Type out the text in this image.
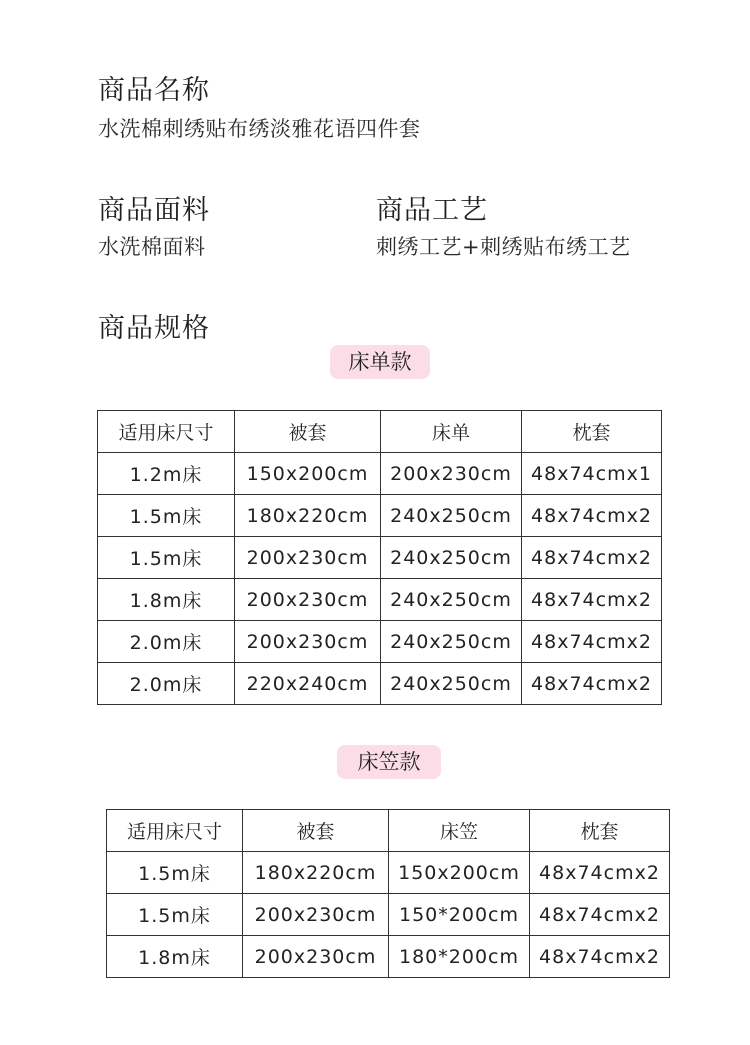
商品名称
水洗棉刺绣贴布绣淡雅花语四件套
商品面料
水洗棉面料
商品工艺
刺绣工艺+刺绣贴布绣工艺
商品规格
床单款
适用床尺寸	被套	床单	枕套
1.2m床	150x200cm	200x230cm	48x74cmx1
1.5m床	180x220cm	240x250cm	48x74cmx2
1.5m床	200x230cm	240x250cm	48x74cmx2
1.8m床	200x230cm	240x250cm	48x74cmx2
2.0m床	200x230cm	240x250cm	48x74cmx2
2.0m床	220x240cm	240x250cm	48x74cmx2
床笠款
适用床尺寸	被套	床笠	枕套
1.5m床	180x220cm	150x200cm	48x74cmx2
1.5m床	200x230cm	150*200cm	48x74cmx2
1.8m床	200x230cm	180*200cm	48x74cmx2
